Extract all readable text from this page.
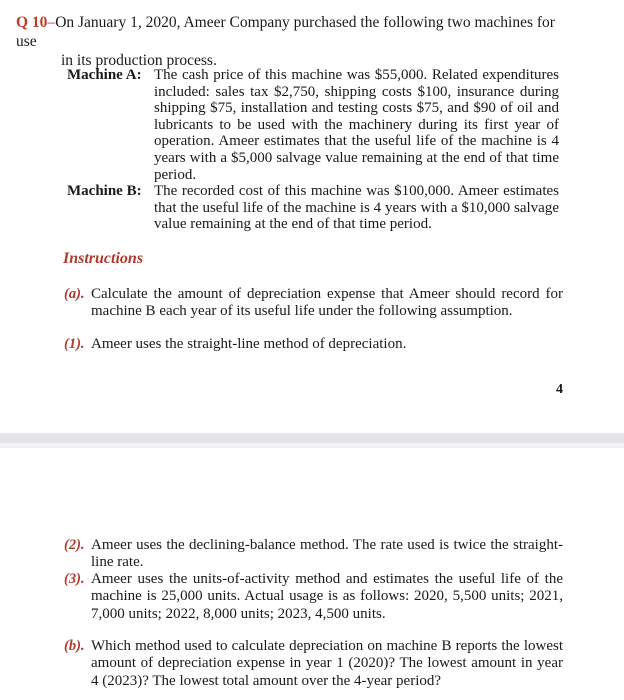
Q 10–On January 1, 2020, Ameer Company purchased the following two machines for use
in its production process.
Machine A: The cash price of this machine was $55,000. Related expenditures included: sales tax $2,750, shipping costs $100, insurance during shipping $75, installation and testing costs $75, and $90 of oil and lubricants to be used with the machinery during its first year of operation. Ameer estimates that the useful life of the machine is 4 years with a $5,000 salvage value remaining at the end of that time period.
Machine B: The recorded cost of this machine was $100,000. Ameer estimates that the useful life of the machine is 4 years with a $10,000 salvage value remaining at the end of that time period.
Instructions
(a). Calculate the amount of depreciation expense that Ameer should record for machine B each year of its useful life under the following assumption.
(1). Ameer uses the straight-line method of depreciation.
4
(2). Ameer uses the declining-balance method. The rate used is twice the straight-line rate.
(3). Ameer uses the units-of-activity method and estimates the useful life of the machine is 25,000 units. Actual usage is as follows: 2020, 5,500 units; 2021, 7,000 units; 2022, 8,000 units; 2023, 4,500 units.
(b). Which method used to calculate depreciation on machine B reports the lowest amount of depreciation expense in year 1 (2020)? The lowest amount in year 4 (2023)? The lowest total amount over the 4-year period?
